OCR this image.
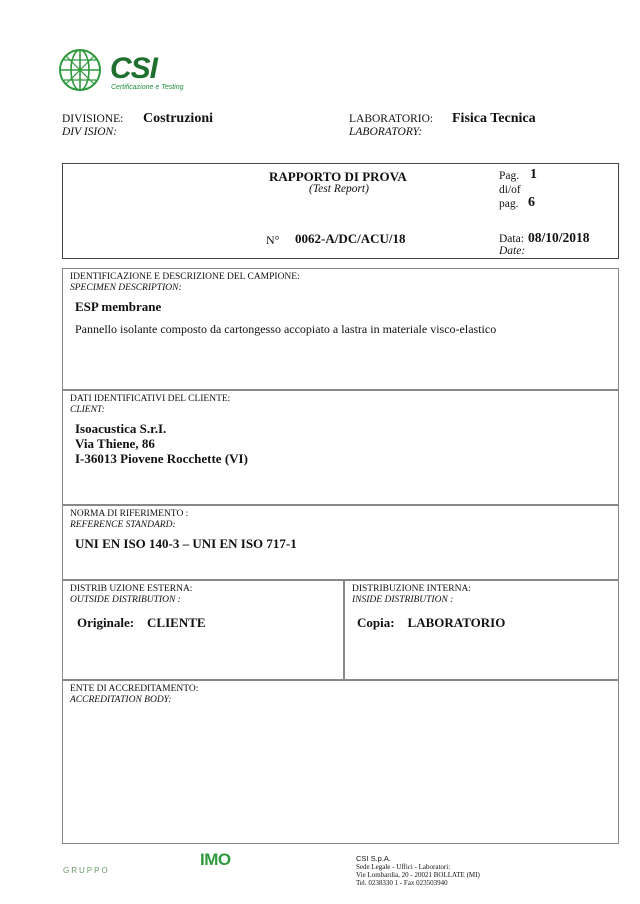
CSI
Certificazione e Testing
DIVISIONE:
DIV ISION:
Costruzioni	LABORATORIO:
LABORATORY:
Fisica Tecnica
RAPPORTO DI PROVA
(Test Report)
Pag. 1
di/of
pag. 6
N° 0062-A/DC/ACU/18	Data: 08/10/2018
Date:
IDENTIFICAZIONE E DESCRIZIONE DEL CAMPIONE:
SPECIMEN DESCRIPTION:
ESP membrane
Pannello isolante composto da cartongesso accopiato a lastra in materiale visco-elastico
DATI IDENTIFICATIVI DEL CLIENTE:
CLIENT:
Isoacustica S.r.I.
Via Thiene, 86
I-36013 Piovene Rocchette (VI)
NORMA DI RIFERIMENTO :
REFERENCE STANDARD:
UNI EN ISO 140-3 – UNI EN ISO 717-1
DISTRIB UZIONE ESTERNA:
OUTSIDE DISTRIBUTION :
Originale:    CLIENTE
DISTRIBUZIONE INTERNA:
INSIDE DISTRIBUTION :
Copia:    LABORATORIO
ENTE DI ACCREDITAMENTO:
ACCREDITATION BODY:
GRUPPO
IMO	CSI S.p.A.
Sede Legale - Uffici - Laboratori:
Vie Lombardia, 20 - 20021 BOLLATE (MI)
Tel. 0238330 1 - Fax 023503940
